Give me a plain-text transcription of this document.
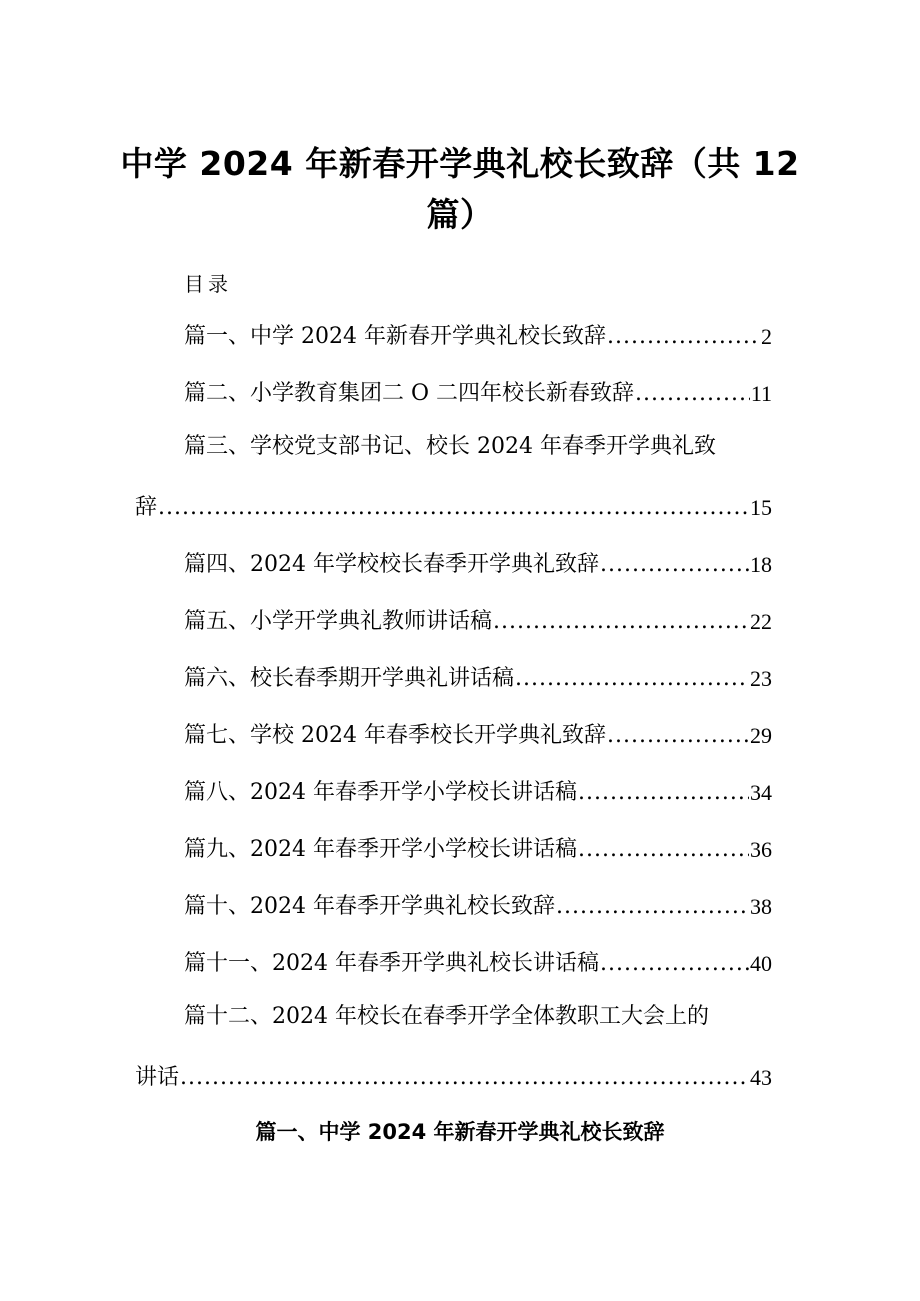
中学 2024 年新春开学典礼校长致辞（共 12
篇）
目录
篇一、中学 2024 年新春开学典礼校长致辞 .....	2
篇二、小学教育集团二 O 二四年校长新春致辞 .....	11
篇三、学校党支部书记、校长 2024 年春季开学典礼致
辞 .....	15
篇四、2024 年学校校长春季开学典礼致辞 .....	18
篇五、小学开学典礼教师讲话稿 .....	22
篇六、校长春季期开学典礼讲话稿 .....	23
篇七、学校 2024 年春季校长开学典礼致辞 .....	29
篇八、2024 年春季开学小学校长讲话稿 .....	34
篇九、2024 年春季开学小学校长讲话稿 .....	36
篇十、2024 年春季开学典礼校长致辞 .....	38
篇十一、2024 年春季开学典礼校长讲话稿 .....	40
篇十二、2024 年校长在春季开学全体教职工大会上的
讲话 .....	43
篇一、中学 2024 年新春开学典礼校长致辞
